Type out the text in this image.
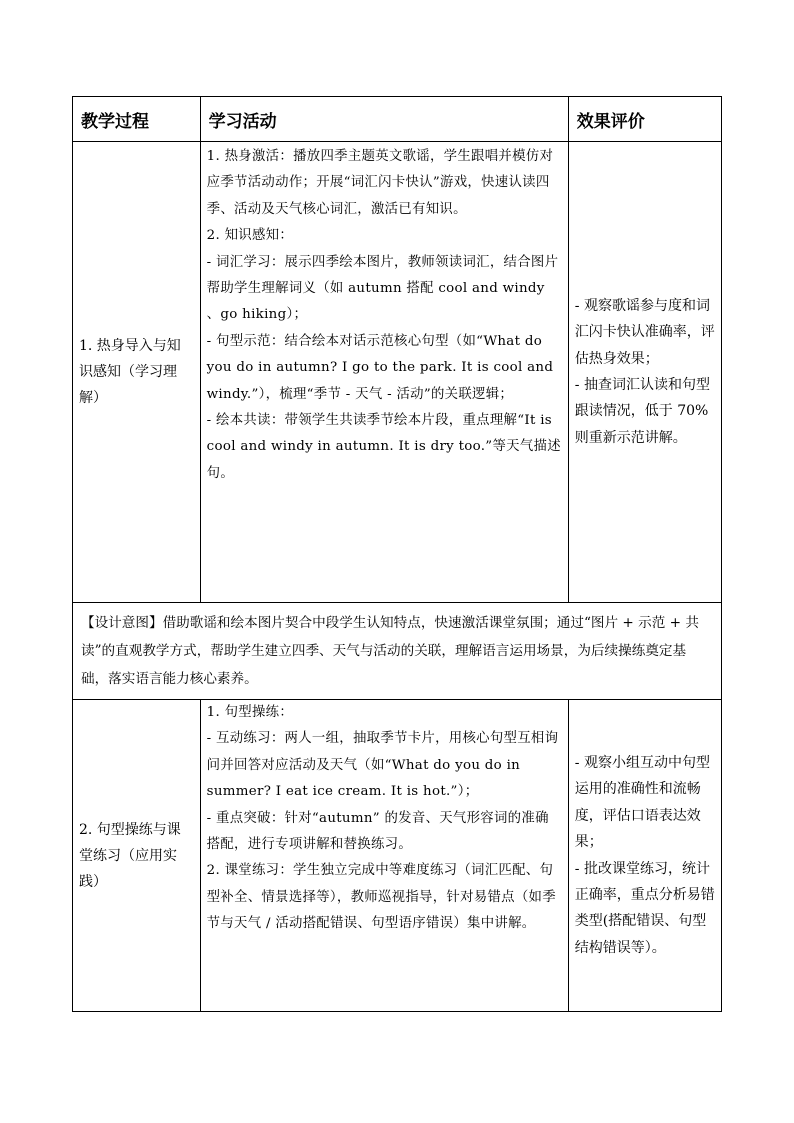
教学过程	学习活动	效果评价
1. 热身导入与知识感知（学习理解）	1. 热身激活：播放四季主题英文歌谣，学生跟唱并模仿对应季节活动动作；开展“词汇闪卡快认”游戏，快速认读四季、活动及天气核心词汇，激活已有知识。
2. 知识感知：
- 词汇学习：展示四季绘本图片，教师领读词汇，结合图片帮助学生理解词义（如 autumn 搭配 cool and windy 、go hiking）；
- 句型示范：结合绘本对话示范核心句型（如“What do you do in autumn? I go to the park. It is cool and windy.”），梳理“季节 - 天气 - 活动”的关联逻辑；
- 绘本共读：带领学生共读季节绘本片段，重点理解“It is cool and windy in autumn. It is dry too.”等天气描述句。	- 观察歌谣参与度和词汇闪卡快认准确率，评估热身效果；
- 抽查词汇认读和句型跟读情况，低于 70% 则重新示范讲解。

【设计意图】借助歌谣和绘本图片契合中段学生认知特点，快速激活课堂氛围；通过“图片 + 示范 + 共读”的直观教学方式，帮助学生建立四季、天气与活动的关联，理解语言运用场景，为后续操练奠定基础，落实语言能力核心素养。		
2. 句型操练与课堂练习（应用实践）	1. 句型操练：
- 互动练习：两人一组，抽取季节卡片，用核心句型互相询问并回答对应活动及天气（如“What do you do in summer? I eat ice cream. It is hot.”）；
- 重点突破：针对“autumn” 的发音、天气形容词的准确搭配，进行专项讲解和替换练习。
2. 课堂练习：学生独立完成中等难度练习（词汇匹配、句型补全、情景选择等），教师巡视指导，针对易错点（如季节与天气 / 活动搭配错误、句型语序错误）集中讲解。	- 观察小组互动中句型运用的准确性和流畅度，评估口语表达效果；
- 批改课堂练习，统计正确率，重点分析易错类型(搭配错误、句型结构错误等）。
